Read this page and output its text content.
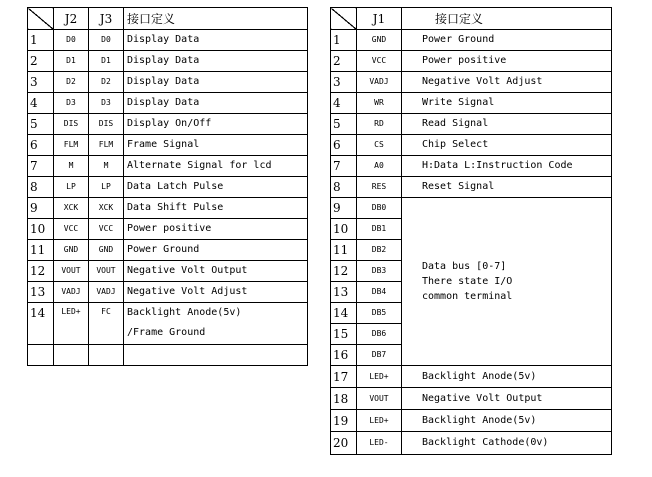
	J2	J3	接口定义
1	D0	D0	Display Data
2	D1	D1	Display Data
3	D2	D2	Display Data
4	D3	D3	Display Data
5	DIS	DIS	Display On/Off
6	FLM	FLM	Frame Signal
7	M	M	Alternate Signal for lcd
8	LP	LP	Data Latch Pulse
9	XCK	XCK	Data Shift Pulse
10	VCC	VCC	Power positive
11	GND	GND	Power Ground
12	VOUT	VOUT	Negative Volt Output
13	VADJ	VADJ	Negative Volt Adjust
14	LED+	FC	Backlight Anode(5v)
/Frame Ground

	J1	接口定义
1	GND	Power Ground
2	VCC	Power positive
3	VADJ	Negative Volt Adjust
4	WR	Write Signal
5	RD	Read Signal
6	CS	Chip Select
7	A0	H:Data L:Instruction Code
8	RES	Reset Signal
9	DB0	Data bus [0-7]
There state I/O
common terminal

10	DB1	
11	DB2	
12	DB3	
13	DB4	
14	DB5	
15	DB6	
16	DB7	
17	LED+	Backlight Anode(5v)
18	VOUT	Negative Volt Output
19	LED+	Backlight Anode(5v)
20	LED-	Backlight Cathode(0v)
